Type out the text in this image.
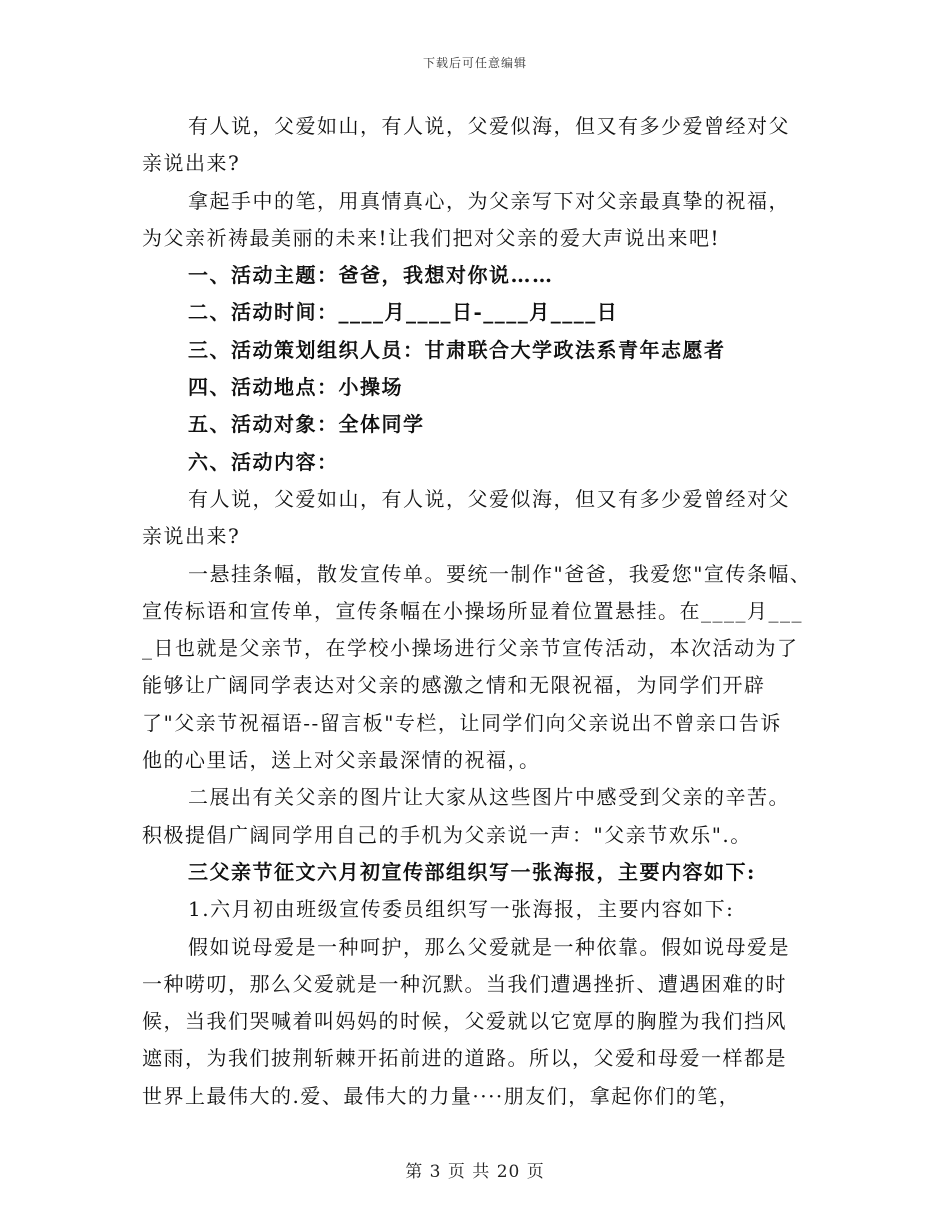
下载后可任意编辑
有人说，父爱如山，有人说，父爱似海，但又有多少爱曾经对父
亲说出来?
拿起手中的笔，用真情真心，为父亲写下对父亲最真挚的祝福，
为父亲祈祷最美丽的未来!让我们把对父亲的爱大声说出来吧!
一、活动主题：爸爸，我想对你说……
二、活动时间：____月____日-____月____日
三、活动策划组织人员：甘肃联合大学政法系青年志愿者
四、活动地点：小操场
五、活动对象：全体同学
六、活动内容：
有人说，父爱如山，有人说，父爱似海，但又有多少爱曾经对父
亲说出来?
一悬挂条幅，散发宣传单。要统一制作"爸爸，我爱您"宣传条幅、
宣传标语和宣传单，宣传条幅在小操场所显着位置悬挂。在____月___
_日也就是父亲节，在学校小操场进行父亲节宣传活动，本次活动为了
能够让广阔同学表达对父亲的感激之情和无限祝福，为同学们开辟
了"父亲节祝福语--留言板"专栏，让同学们向父亲说出不曾亲口告诉
他的心里话，送上对父亲最深情的祝福，。
二展出有关父亲的图片让大家从这些图片中感受到父亲的辛苦。
积极提倡广阔同学用自己的手机为父亲说一声："父亲节欢乐".。
三父亲节征文六月初宣传部组织写一张海报，主要内容如下:
1.六月初由班级宣传委员组织写一张海报，主要内容如下:
假如说母爱是一种呵护，那么父爱就是一种依靠。假如说母爱是
一种唠叨，那么父爱就是一种沉默。当我们遭遇挫折、遭遇困难的时
候，当我们哭喊着叫妈妈的时候，父爱就以它宽厚的胸膛为我们挡风
遮雨，为我们披荆斩棘开拓前进的道路。所以，父爱和母爱一样都是
世界上最伟大的.爱、最伟大的力量····朋友们，拿起你们的笔，
第 3 页 共 20 页
